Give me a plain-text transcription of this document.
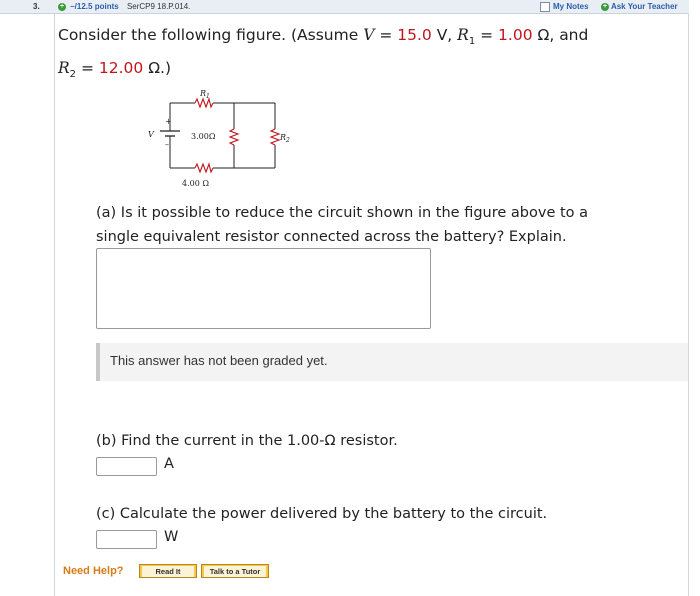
3.	+ –/12.5 points SerCP9 18.P.014.	My Notes + Ask Your Teacher
Consider the following figure. (Assume V = 15.0 V, $R_1 = 1.00$ Ω, and
$R_2 = 12.00$ Ω.)
$R_1$
+
V
–
3.00Ω	$R_2$
4.00 Ω
(a) Is it possible to reduce the circuit shown in the figure above to a
single equivalent resistor connected across the battery? Explain.
This answer has not been graded yet.
(b) Find the current in the 1.00-Ω resistor.
A
(c) Calculate the power delivered by the battery to the circuit.
W
Need Help?	Read It	Talk to a Tutor
